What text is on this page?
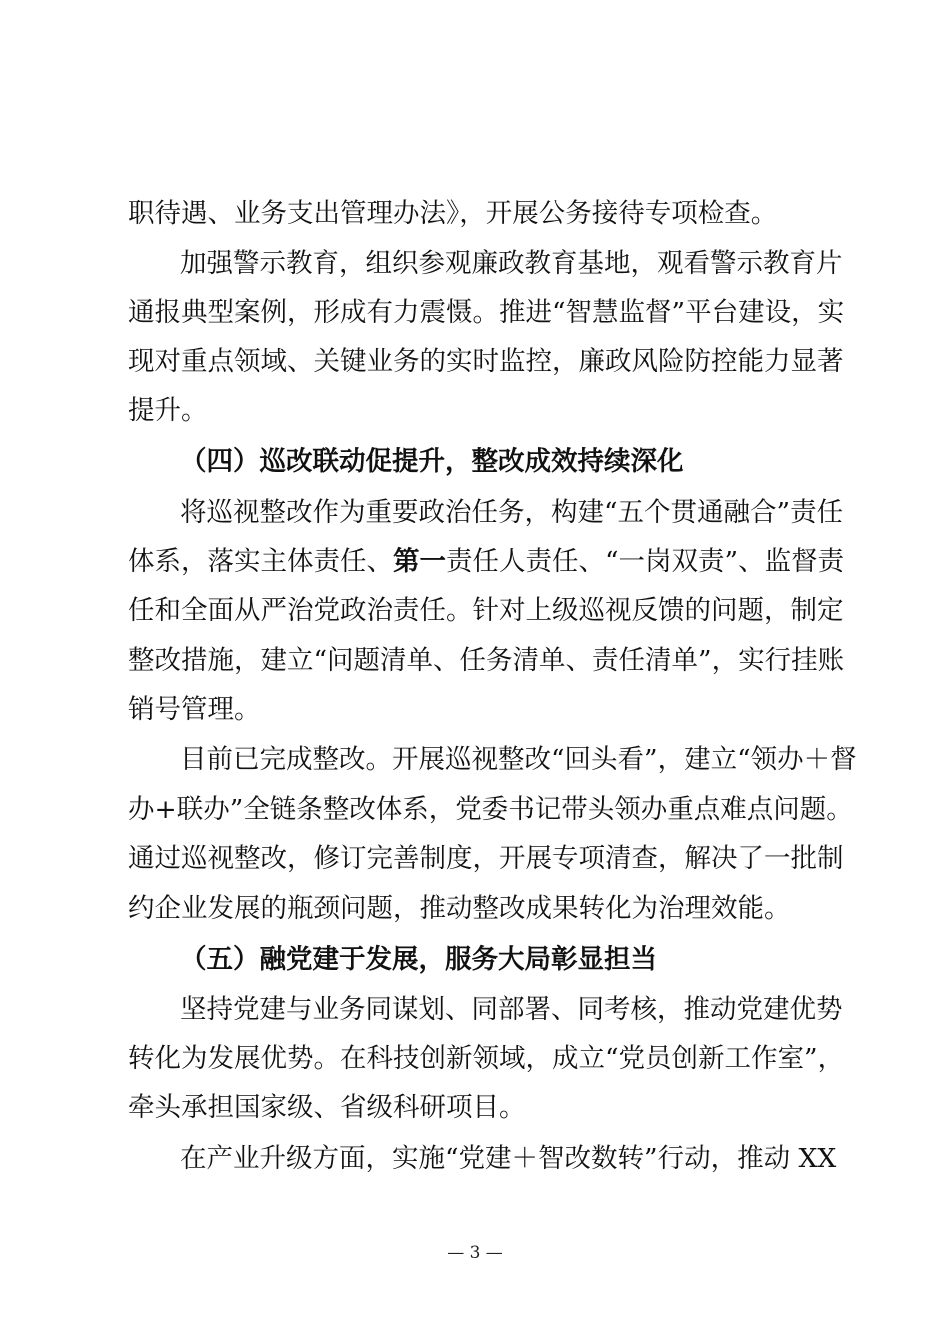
职待遇、业务支出管理办法》，开展公务接待专项检查。
加强警示教育，组织参观廉政教育基地，观看警示教育片
通报典型案例，形成有力震慑。推进“智慧监督”平台建设，实
现对重点领域、关键业务的实时监控，廉政风险防控能力显著
提升。
（四）巡改联动促提升，整改成效持续深化
将巡视整改作为重要政治任务，构建“五个贯通融合”责任
体系，落实主体责任、第一责任人责任、“一岗双责”、监督责
任和全面从严治党政治责任。针对上级巡视反馈的问题，制定
整改措施，建立“问题清单、任务清单、责任清单”，实行挂账
销号管理。
目前已完成整改。开展巡视整改“回头看”，建立“领办＋督
办+联办”全链条整改体系，党委书记带头领办重点难点问题。
通过巡视整改，修订完善制度，开展专项清查，解决了一批制
约企业发展的瓶颈问题，推动整改成果转化为治理效能。
（五）融党建于发展，服务大局彰显担当
坚持党建与业务同谋划、同部署、同考核，推动党建优势
转化为发展优势。在科技创新领域，成立“党员创新工作室”，
牵头承担国家级、省级科研项目。
在产业升级方面，实施“党建＋智改数转”行动，推动 XX
— 3 —
